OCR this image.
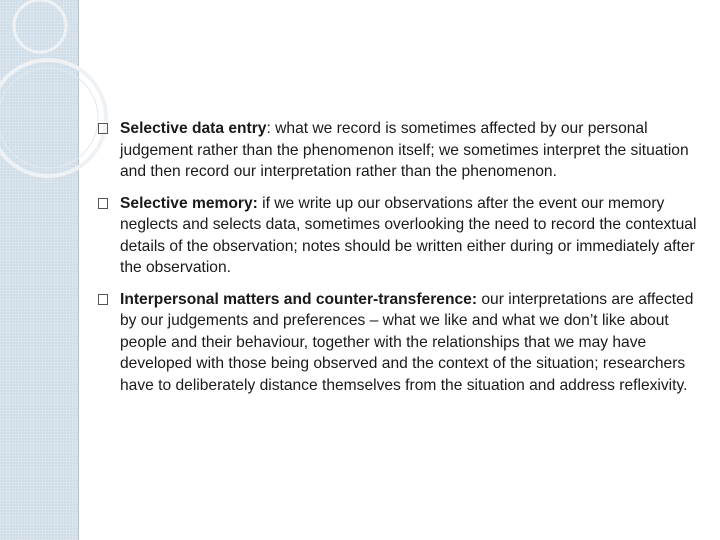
Selective data entry: what we record is sometimes affected by our personal judgement rather than the phenomenon itself; we sometimes interpret the situation and then record our interpretation rather than the phenomenon.
Selective memory: if we write up our observations after the event our memory neglects and selects data, sometimes overlooking the need to record the contextual details of the observation; notes should be written either during or immediately after the observation.
Interpersonal matters and counter-transference: our interpretations are affected by our judgements and preferences – what we like and what we don’t like about people and their behaviour, together with the relationships that we may have developed with those being observed and the context of the situation; researchers have to deliberately distance themselves from the situation and address reflexivity.
